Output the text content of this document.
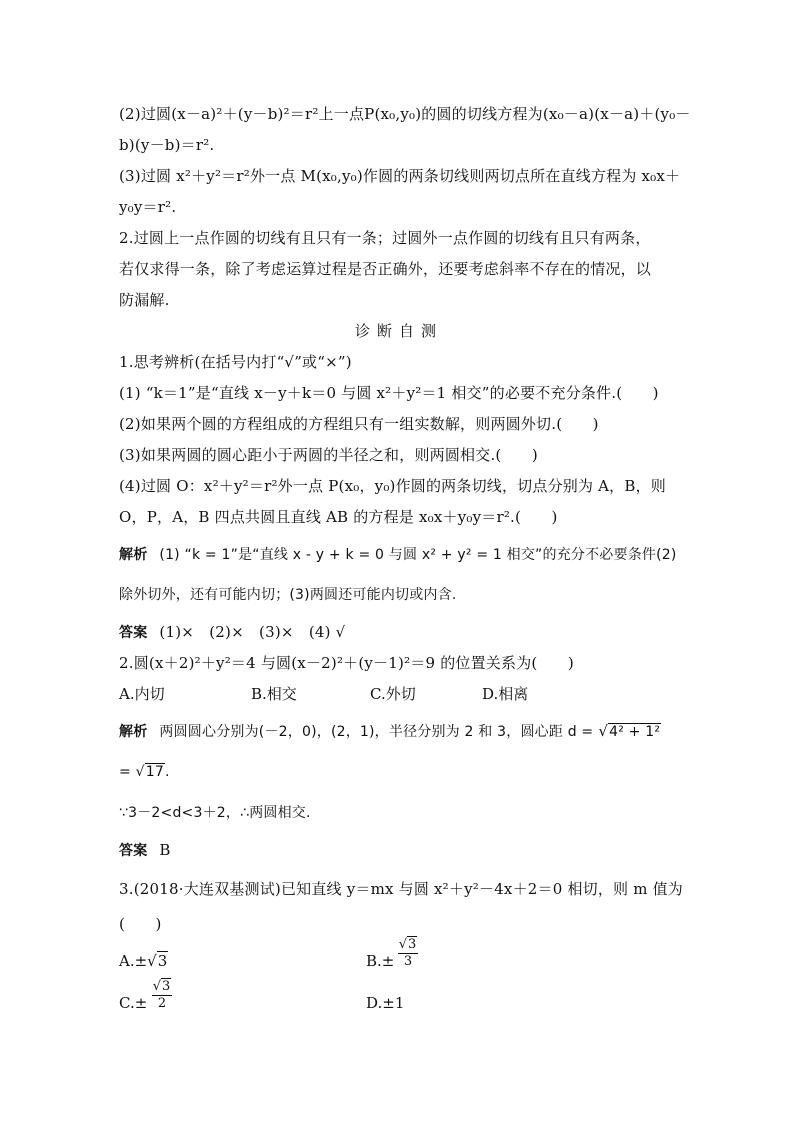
(2)过圆(x－a)²＋(y－b)²＝r²上一点P(x₀,y₀)的圆的切线方程为(x₀－a)(x－a)＋(y₀－
b)(y－b)＝r².
(3)过圆 x²＋y²＝r²外一点 M(x₀,y₀)作圆的两条切线则两切点所在直线方程为 x₀x＋
y₀y＝r².
2.过圆上一点作圆的切线有且只有一条；过圆外一点作圆的切线有且只有两条，
若仅求得一条，除了考虑运算过程是否正确外，还要考虑斜率不存在的情况，以
防漏解.
诊断自测
1.思考辨析(在括号内打“√”或“×”)
(1) “k＝1”是“直线 x－y＋k＝0 与圆 x²＋y²＝1 相交”的必要不充分条件.(　　)
(2)如果两个圆的方程组成的方程组只有一组实数解，则两圆外切.(　　)
(3)如果两圆的圆心距小于两圆的半径之和，则两圆相交.(　　)
(4)过圆 O：x²＋y²＝r²外一点 P(x₀，y₀)作圆的两条切线，切点分别为 A，B，则
O，P，A，B 四点共圆且直线 AB 的方程是 x₀x＋y₀y＝r².(　　)
解析 (1) “k = 1”是“直线 x - y + k = 0 与圆 x² + y² = 1 相交”的充分不必要条件(2)
除外切外，还有可能内切；(3)两圆还可能内切或内含.
答案 (1)×　(2)×　(3)×　(4) √
2.圆(x＋2)²＋y²＝4 与圆(x－2)²＋(y－1)²＝9 的位置关系为(　　)
A.内切	B.相交	C.外切	D.相离
解析 两圆圆心分别为(－2，0)，(2，1)，半径分别为 2 和 3，圆心距 d = √4² + 1²
= √17.
∵3－2<d<3＋2，∴两圆相交.
答案 B
3.(2018·大连双基测试)已知直线 y＝mx 与圆 x²＋y²－4x＋2＝0 相切，则 m 值为
(　　)
A.±√3	B.±
√3
3
C.±
√3
2	D.±1
